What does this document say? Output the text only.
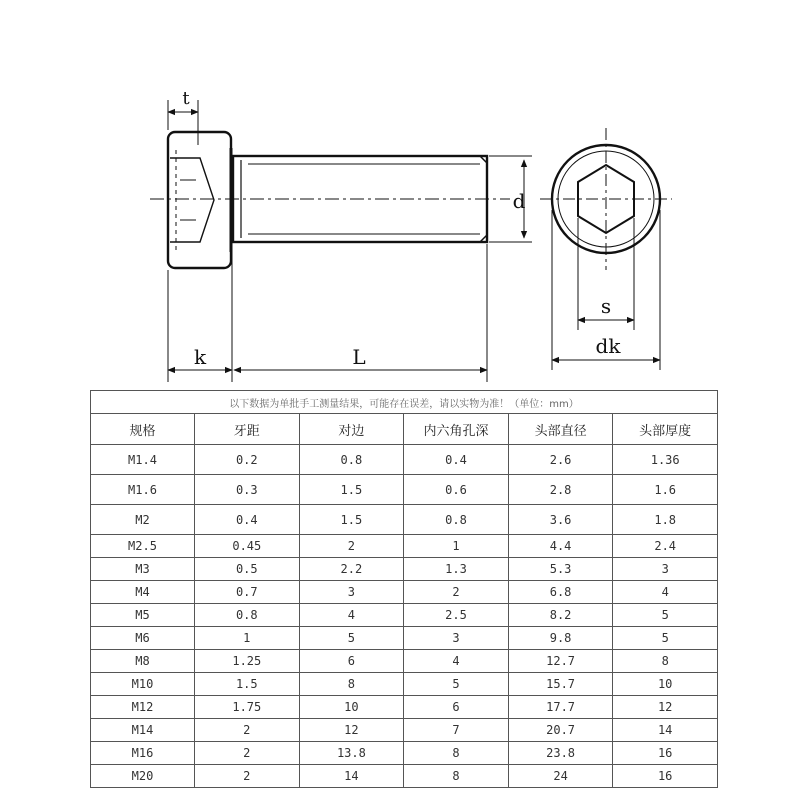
t
d
k	L
s
dk
以下数据为单批手工测量结果，可能存在误差，请以实物为准！（单位：mm）					
规格	牙距	对边	内六角孔深	头部直径	头部厚度
M1.4	0.2	0.8	0.4	2.6	1.36
M1.6	0.3	1.5	0.6	2.8	1.6
M2	0.4	1.5	0.8	3.6	1.8
M2.5	0.45	2	1	4.4	2.4
M3	0.5	2.2	1.3	5.3	3
M4	0.7	3	2	6.8	4
M5	0.8	4	2.5	8.2	5
M6	1	5	3	9.8	5
M8	1.25	6	4	12.7	8
M10	1.5	8	5	15.7	10
M12	1.75	10	6	17.7	12
M14	2	12	7	20.7	14
M16	2	13.8	8	23.8	16
M20	2	14	8	24	16
